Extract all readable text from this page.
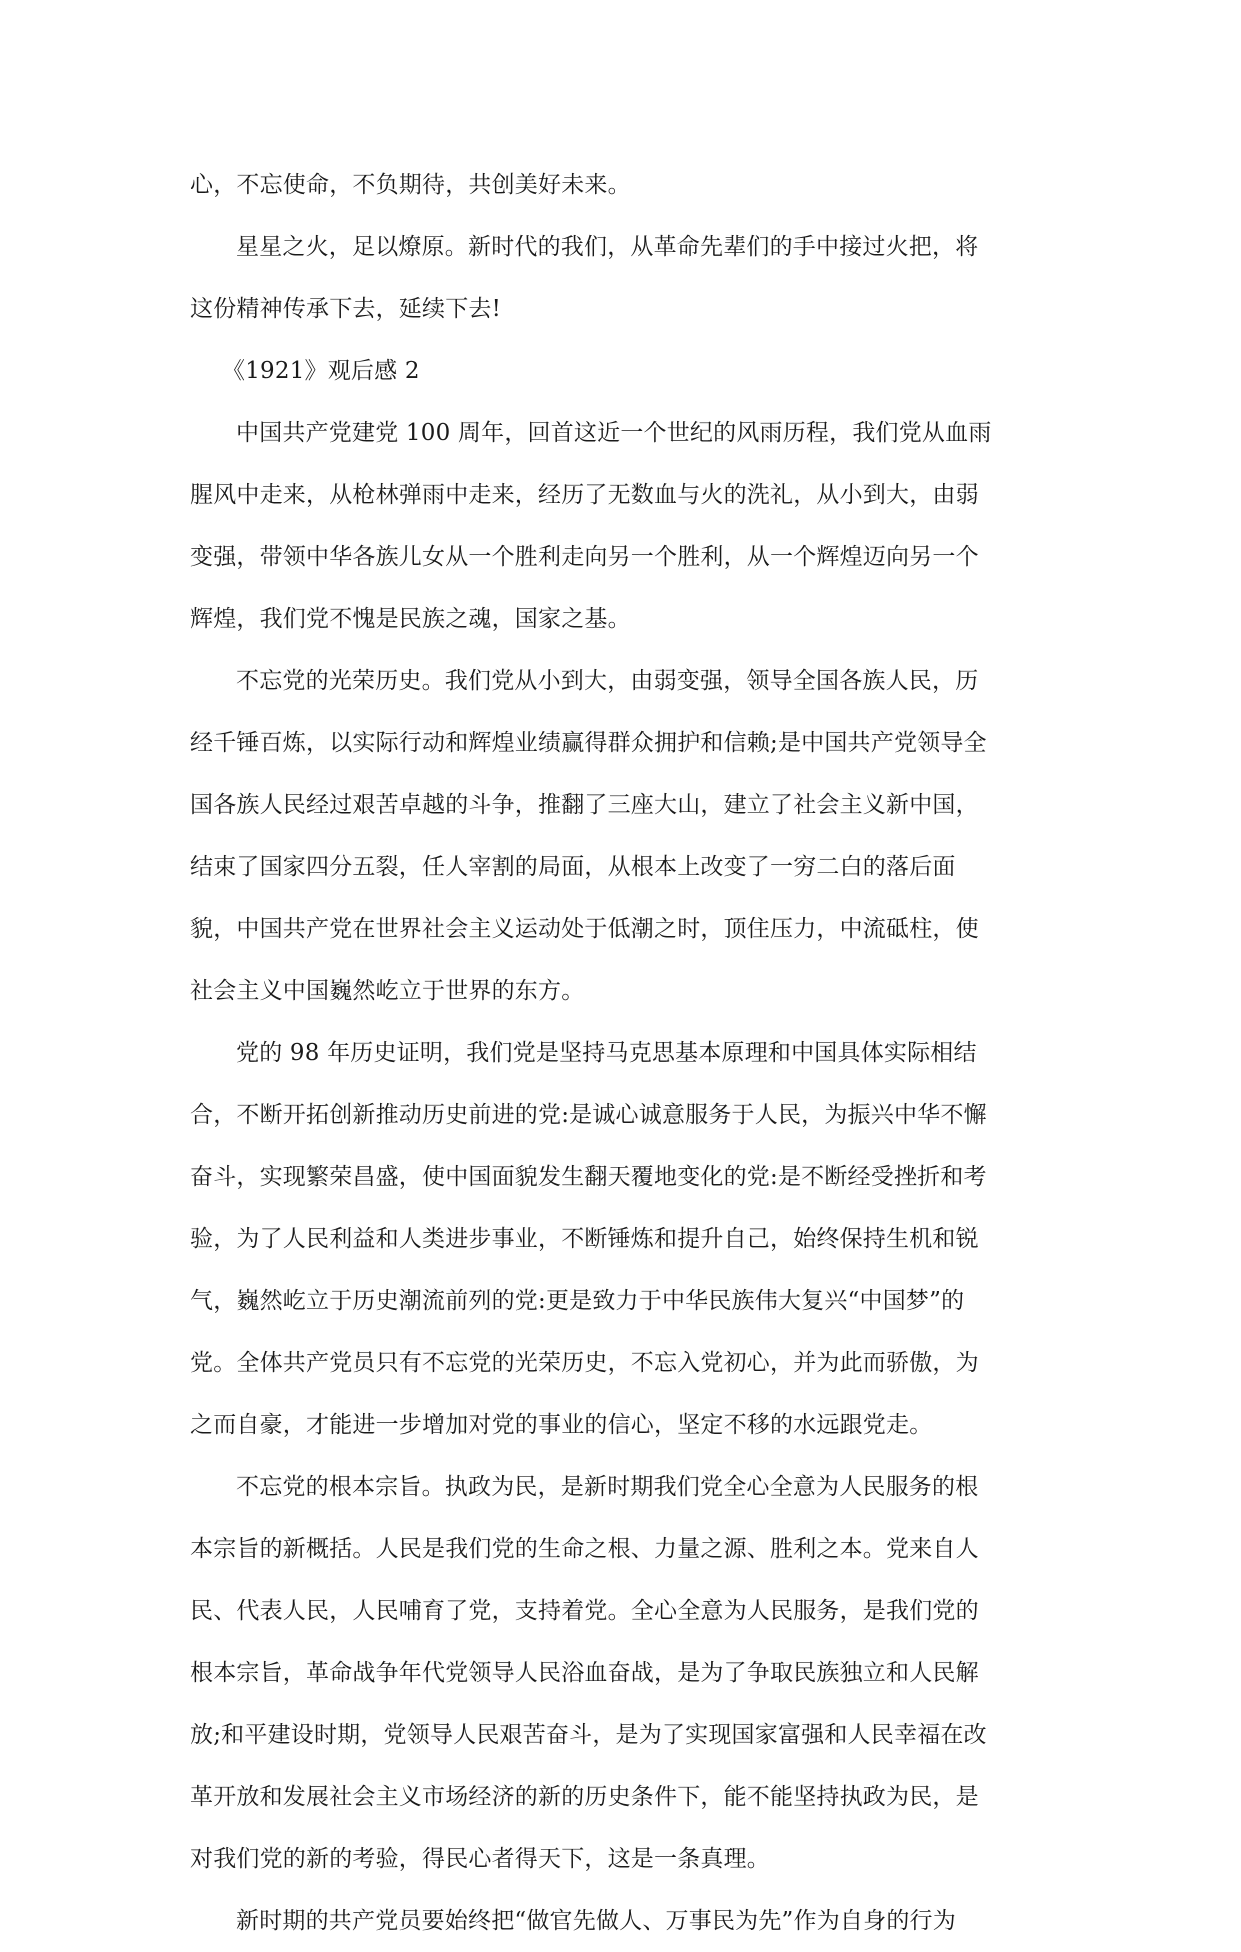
心，不忘使命，不负期待，共创美好未来。
星星之火，足以燎原。新时代的我们，从革命先辈们的手中接过火把，将
这份精神传承下去，延续下去!
《1921》观后感 2
中国共产党建党 100 周年，回首这近一个世纪的风雨历程，我们党从血雨
腥风中走来，从枪林弹雨中走来，经历了无数血与火的洗礼，从小到大，由弱
变强，带领中华各族儿女从一个胜利走向另一个胜利，从一个辉煌迈向另一个
辉煌，我们党不愧是民族之魂，国家之基。
不忘党的光荣历史。我们党从小到大，由弱变强，领导全国各族人民，历
经千锤百炼，以实际行动和辉煌业绩赢得群众拥护和信赖;是中国共产党领导全
国各族人民经过艰苦卓越的斗争，推翻了三座大山，建立了社会主义新中国，
结束了国家四分五裂，任人宰割的局面，从根本上改变了一穷二白的落后面
貌，中国共产党在世界社会主义运动处于低潮之时，顶住压力，中流砥柱，使
社会主义中国巍然屹立于世界的东方。
党的 98 年历史证明，我们党是坚持马克思基本原理和中国具体实际相结
合，不断开拓创新推动历史前进的党:是诚心诚意服务于人民，为振兴中华不懈
奋斗，实现繁荣昌盛，使中国面貌发生翻天覆地变化的党:是不断经受挫折和考
验，为了人民利益和人类进步事业，不断锤炼和提升自己，始终保持生机和锐
气，巍然屹立于历史潮流前列的党:更是致力于中华民族伟大复兴“中国梦”的
党。全体共产党员只有不忘党的光荣历史，不忘入党初心，并为此而骄傲，为
之而自豪，才能进一步增加对党的事业的信心，坚定不移的水远跟党走。
不忘党的根本宗旨。执政为民，是新时期我们党全心全意为人民服务的根
本宗旨的新概括。人民是我们党的生命之根、力量之源、胜利之本。党来自人
民、代表人民，人民哺育了党，支持着党。全心全意为人民服务，是我们党的
根本宗旨，革命战争年代党领导人民浴血奋战，是为了争取民族独立和人民解
放;和平建设时期，党领导人民艰苦奋斗，是为了实现国家富强和人民幸福在改
革开放和发展社会主义市场经济的新的历史条件下，能不能坚持执政为民，是
对我们党的新的考验，得民心者得天下，这是一条真理。
新时期的共产党员要始终把“做官先做人、万事民为先”作为自身的行为
